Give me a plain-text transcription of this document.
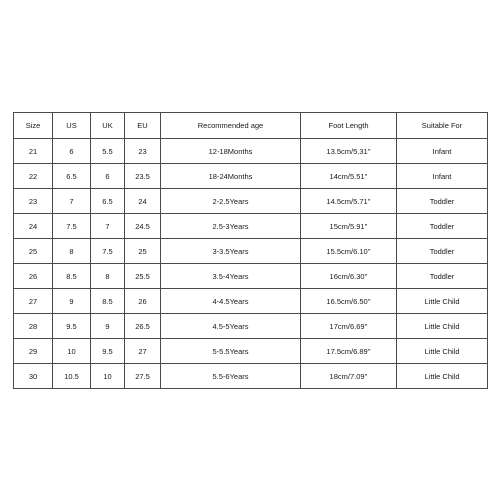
Size	US	UK	EU	Recommended age	Foot Length	Suitable For
21	6	5.5	23	12-18Months	13.5cm/5.31''	Infant
22	6.5	6	23.5	18-24Months	14cm/5.51''	Infant
23	7	6.5	24	2-2.5Years	14.5cm/5.71''	Toddler
24	7.5	7	24.5	2.5-3Years	15cm/5.91''	Toddler
25	8	7.5	25	3-3.5Years	15.5cm/6.10''	Toddler
26	8.5	8	25.5	3.5-4Years	16cm/6.30''	Toddler
27	9	8.5	26	4-4.5Years	16.5cm/6.50''	Little Child
28	9.5	9	26.5	4.5-5Years	17cm/6.69''	Little Child
29	10	9.5	27	5-5.5Years	17.5cm/6.89''	Little Child
30	10.5	10	27.5	5.5-6Years	18cm/7.09''	Little Child
